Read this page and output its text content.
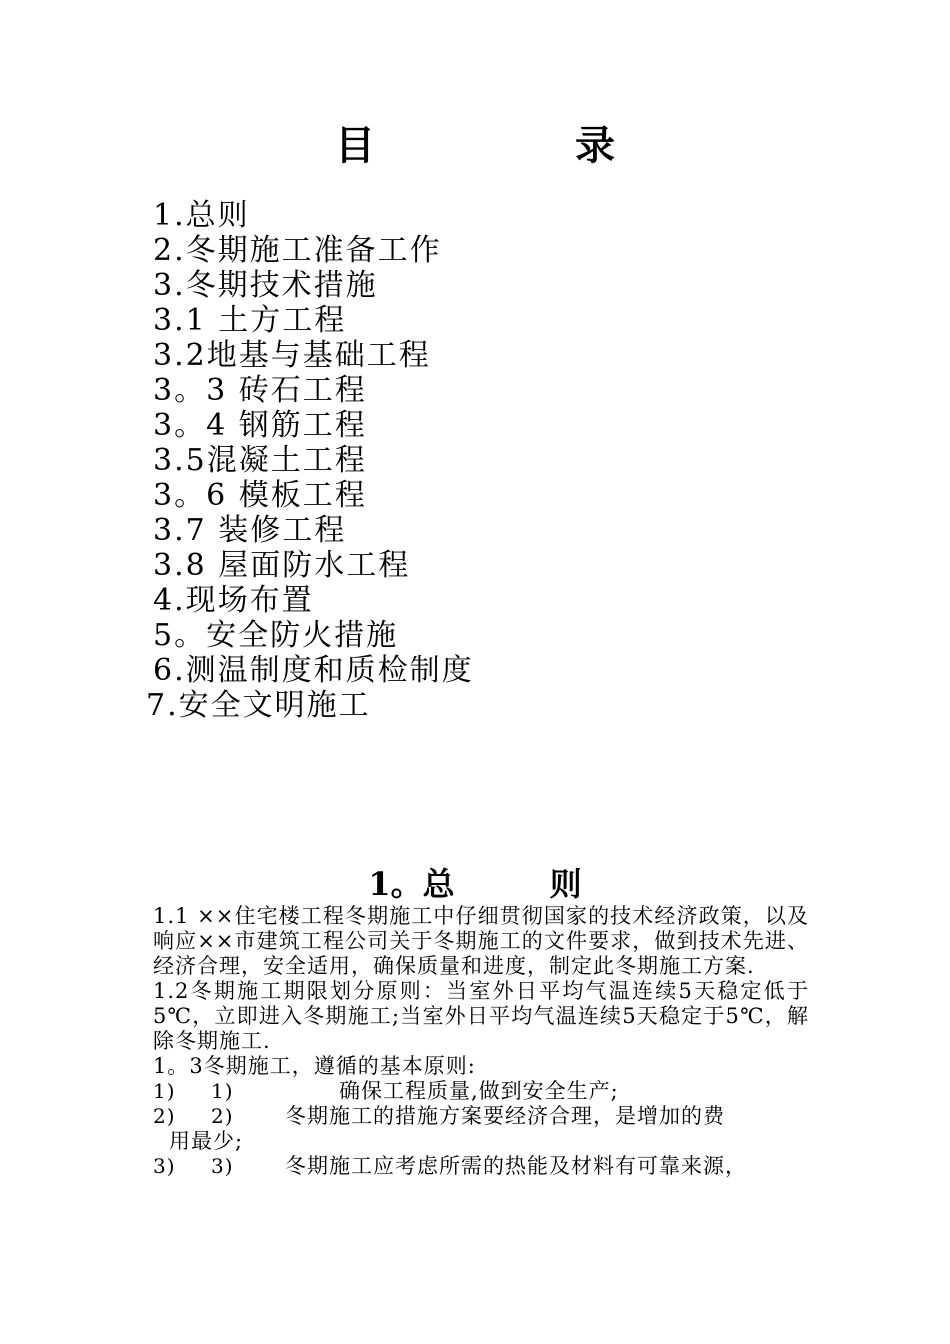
目　录
1.总则
2.冬期施工准备工作
3.冬期技术措施
3.1 土方工程
3.2地基与基础工程
3。3 砖石工程
3。4 钢筋工程
3.5混凝土工程
3。6 模板工程
3.7 装修工程
3.8 屋面防水工程
4.现场布置
5。安全防火措施
6.测温制度和质检制度
7.安全文明施工
1。总	则

1.1 ××住宅楼工程冬期施工中仔细贯彻国家的技术经济政策，以及响应××市建筑工程公司关于冬期施工的文件要求，做到技术先进、经济合理，安全适用，确保质量和进度，制定此冬期施工方案.

1.2冬期施工期限划分原则：当室外日平均气温连续5天稳定低于5℃，立即进入冬期施工;当室外日平均气温连续5天稳定于5℃，解除冬期施工.

1。3冬期施工，遵循的基本原则:

1)	1)	确保工程质量,做到安全生产;
2)	2)	冬期施工的措施方案要经济合理，是增加的费
用最少;
3)	3)	冬期施工应考虑所需的热能及材料有可靠来源，
